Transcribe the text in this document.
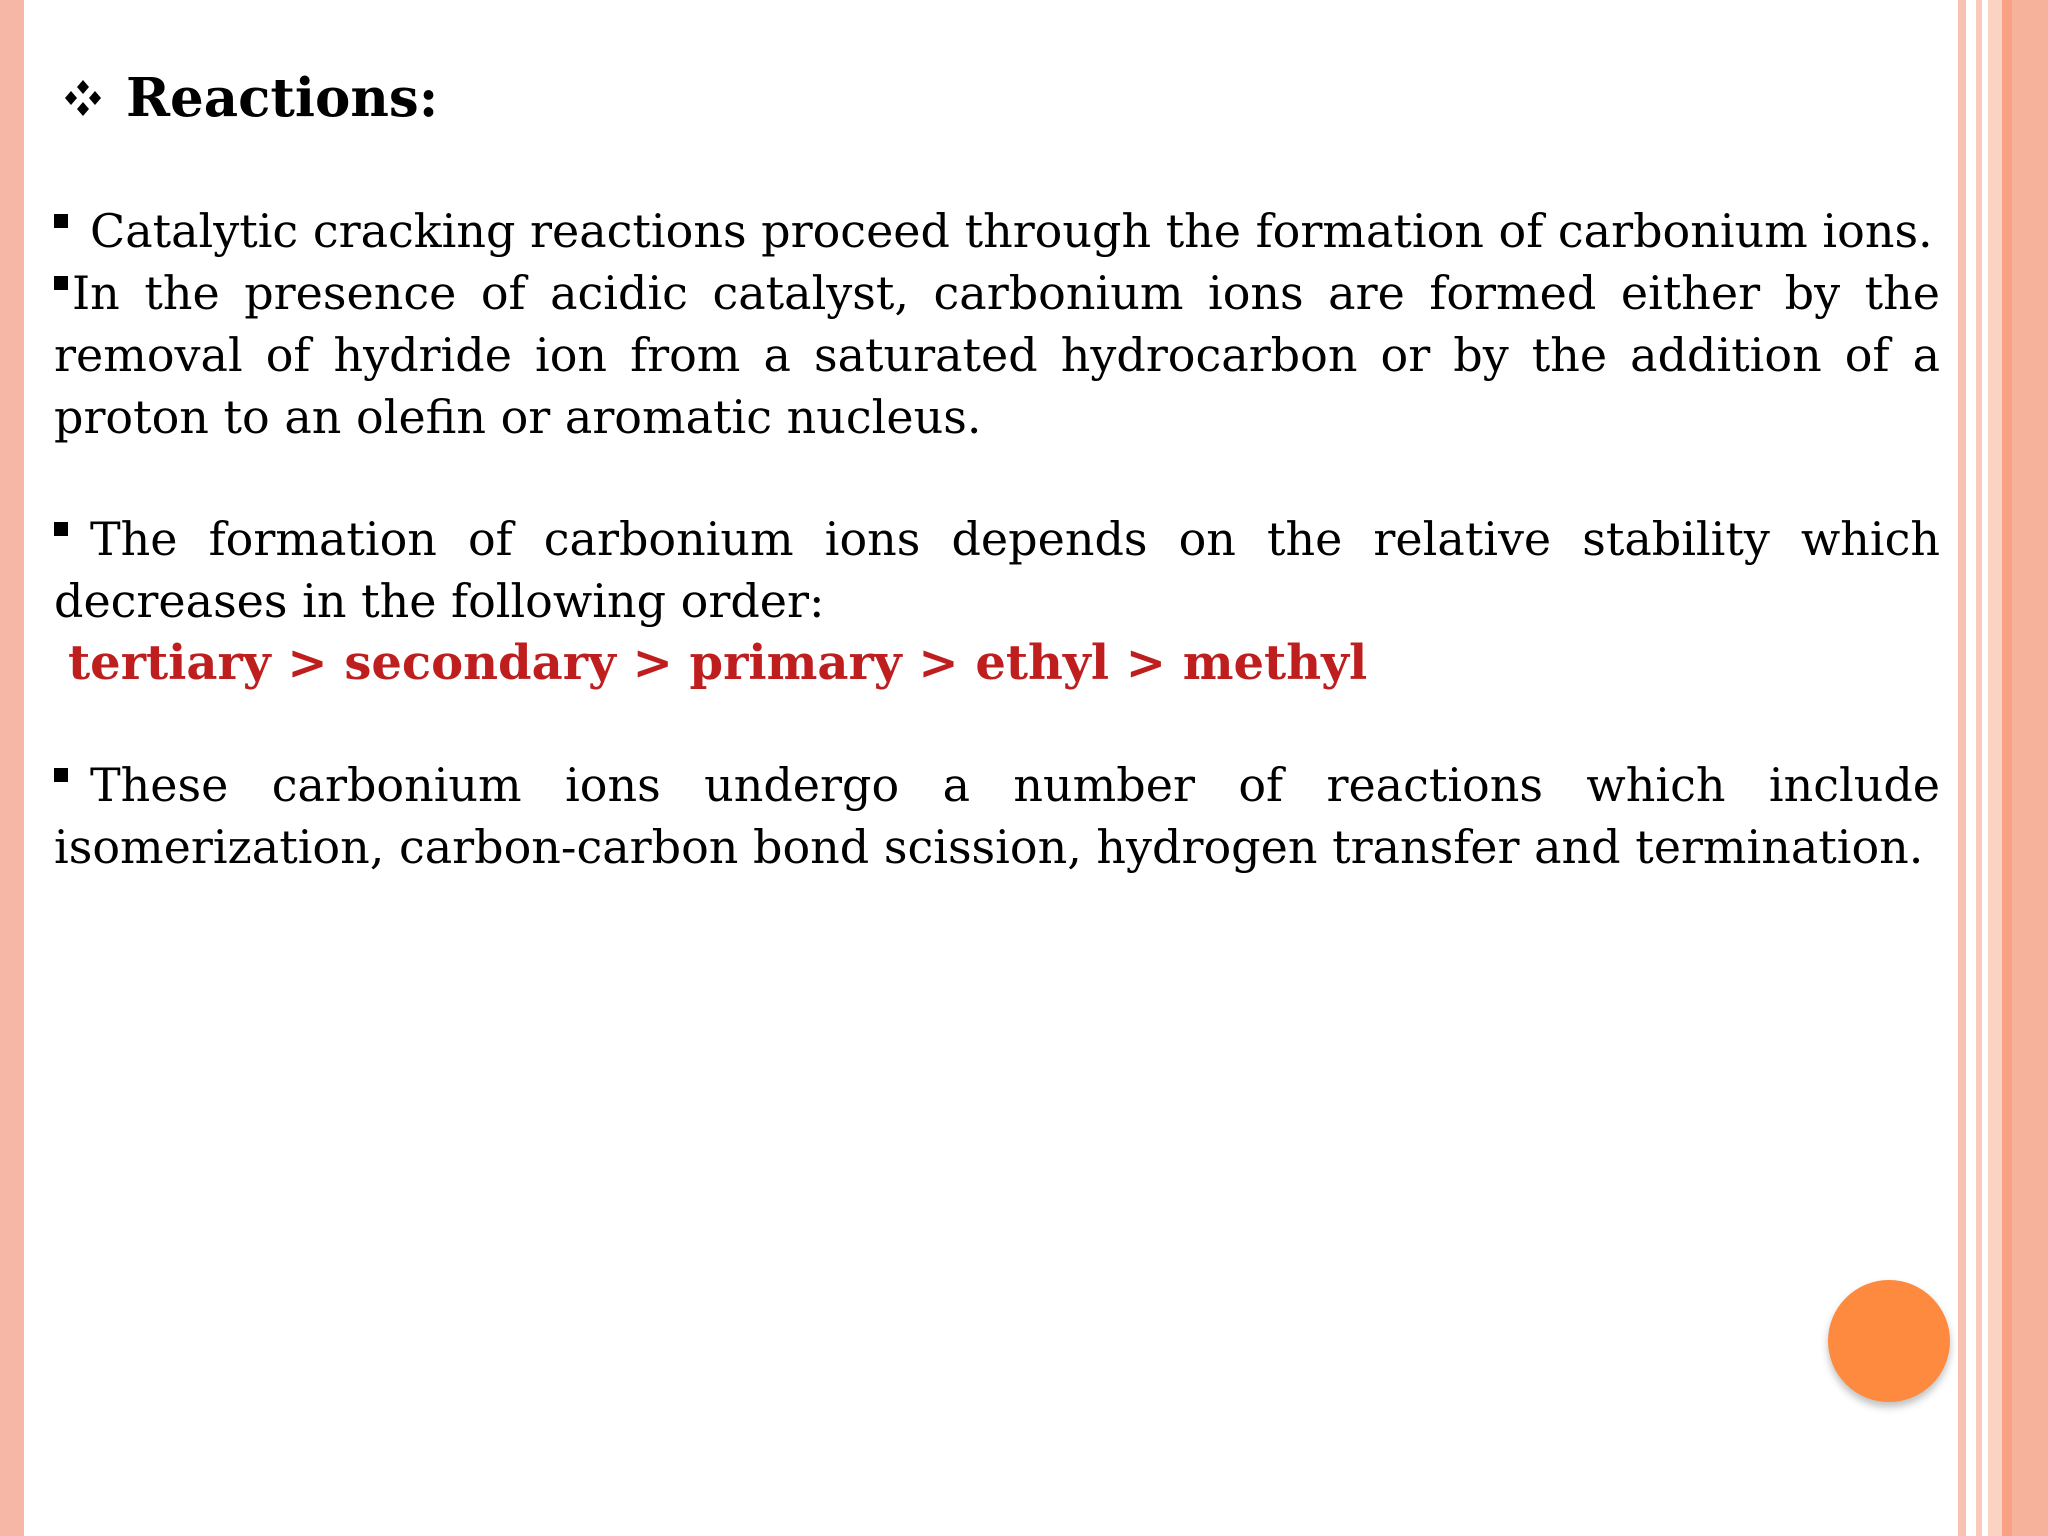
Reactions:

Catalytic cracking reactions proceed through the formation of carbonium ions.

In the presence of acidic catalyst, carbonium ions are formed either by the removal of hydride ion from a saturated hydrocarbon or by the addition of a proton to an olefin or aromatic nucleus.

The formation of carbonium ions depends on the relative stability which decreases in the following order:

tertiary > secondary > primary > ethyl > methyl

These carbonium ions undergo a number of reactions which include isomerization, carbon-carbon bond scission, hydrogen transfer and termination.
